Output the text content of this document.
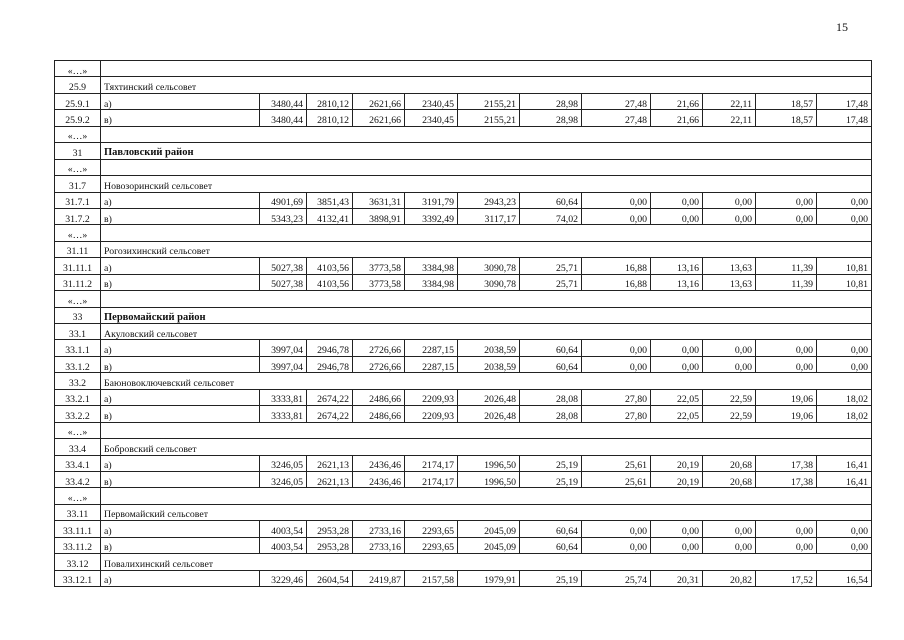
15
«…»												
25.9	Тяхтинский сельсовет											
25.9.1	а)	3480,44	2810,12	2621,66	2340,45	2155,21	28,98	27,48	21,66	22,11	18,57	17,48
25.9.2	в)	3480,44	2810,12	2621,66	2340,45	2155,21	28,98	27,48	21,66	22,11	18,57	17,48
«…»												
31	Павловский район											
«…»												
31.7	Новозоринский сельсовет											
31.7.1	а)	4901,69	3851,43	3631,31	3191,79	2943,23	60,64	0,00	0,00	0,00	0,00	0,00
31.7.2	в)	5343,23	4132,41	3898,91	3392,49	3117,17	74,02	0,00	0,00	0,00	0,00	0,00
«…»												
31.11	Рогозихинский сельсовет											
31.11.1	а)	5027,38	4103,56	3773,58	3384,98	3090,78	25,71	16,88	13,16	13,63	11,39	10,81
31.11.2	в)	5027,38	4103,56	3773,58	3384,98	3090,78	25,71	16,88	13,16	13,63	11,39	10,81
«…»												
33	Первомайский район											
33.1	Акуловский сельсовет											
33.1.1	а)	3997,04	2946,78	2726,66	2287,15	2038,59	60,64	0,00	0,00	0,00	0,00	0,00
33.1.2	в)	3997,04	2946,78	2726,66	2287,15	2038,59	60,64	0,00	0,00	0,00	0,00	0,00
33.2	Баюновоключевский сельсовет											
33.2.1	а)	3333,81	2674,22	2486,66	2209,93	2026,48	28,08	27,80	22,05	22,59	19,06	18,02
33.2.2	в)	3333,81	2674,22	2486,66	2209,93	2026,48	28,08	27,80	22,05	22,59	19,06	18,02
«…»												
33.4	Бобровский сельсовет											
33.4.1	а)	3246,05	2621,13	2436,46	2174,17	1996,50	25,19	25,61	20,19	20,68	17,38	16,41
33.4.2	в)	3246,05	2621,13	2436,46	2174,17	1996,50	25,19	25,61	20,19	20,68	17,38	16,41
«…»												
33.11	Первомайский сельсовет											
33.11.1	а)	4003,54	2953,28	2733,16	2293,65	2045,09	60,64	0,00	0,00	0,00	0,00	0,00
33.11.2	в)	4003,54	2953,28	2733,16	2293,65	2045,09	60,64	0,00	0,00	0,00	0,00	0,00
33.12	Повалихинский сельсовет											
33.12.1	а)	3229,46	2604,54	2419,87	2157,58	1979,91	25,19	25,74	20,31	20,82	17,52	16,54
